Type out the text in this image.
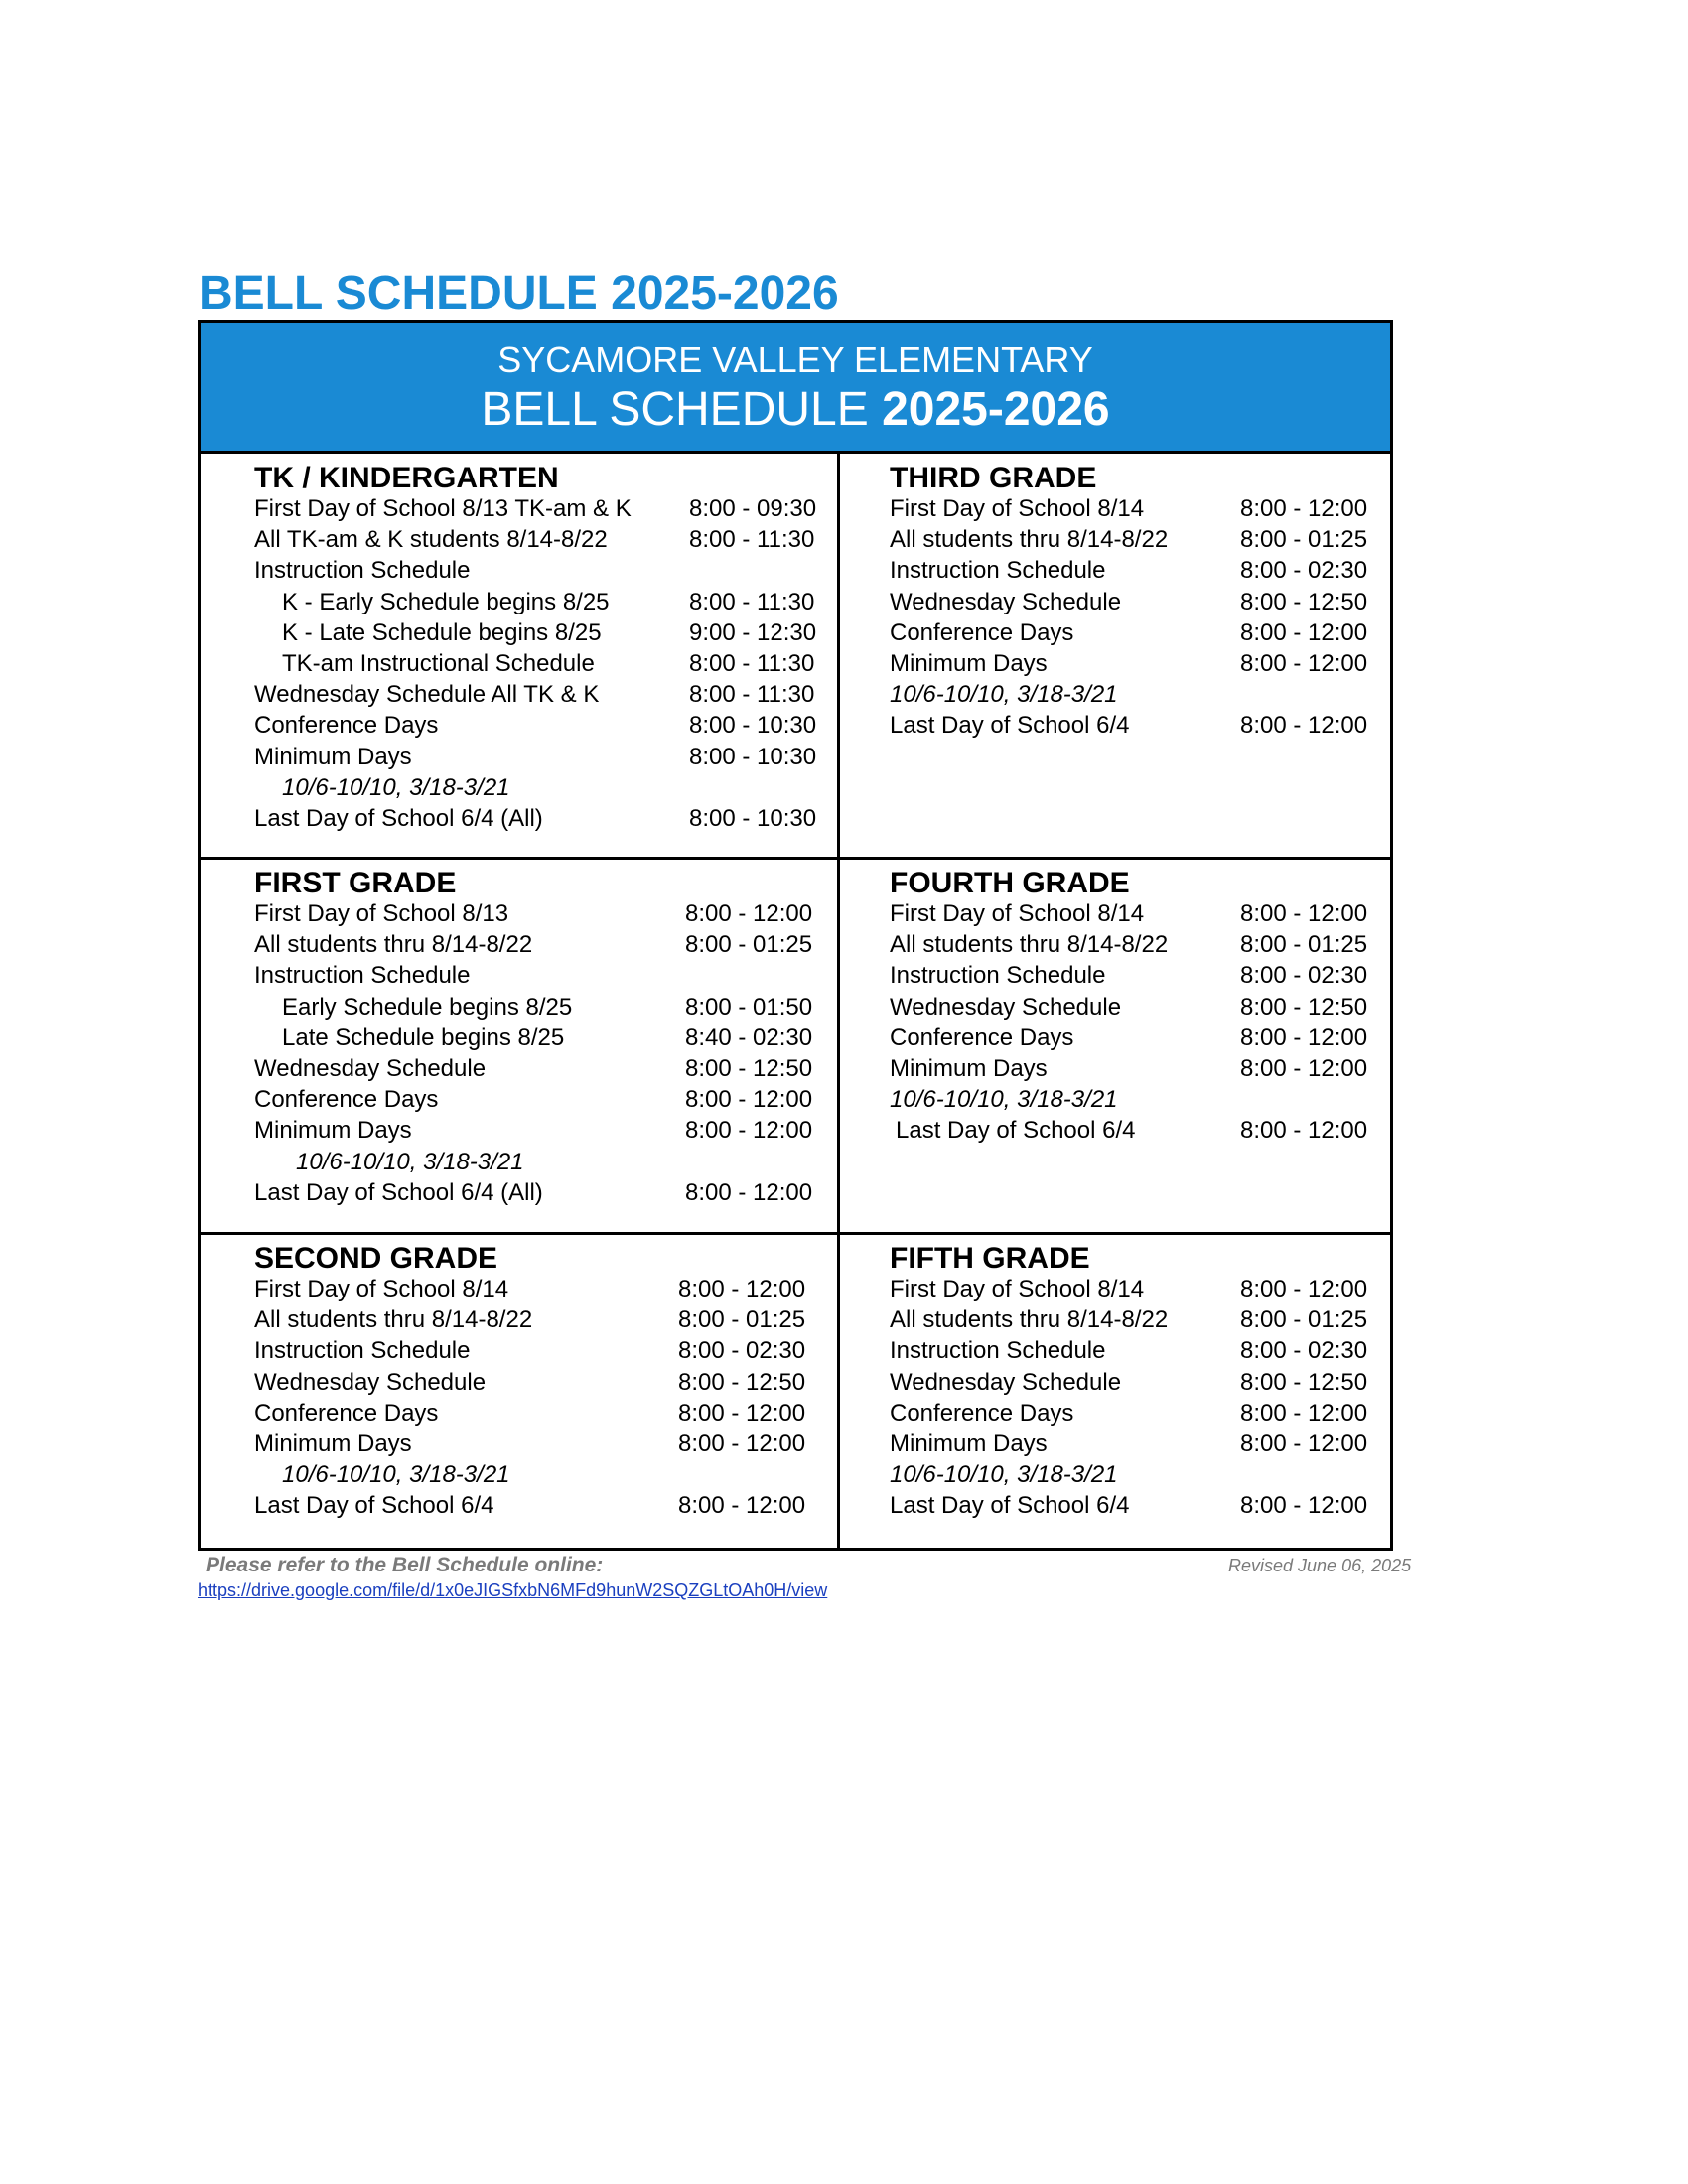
BELL SCHEDULE 2025-2026
SYCAMORE VALLEY ELEMENTARY
BELL SCHEDULE 2025-2026
TK / KINDERGARTEN
First Day of School 8/13 TK-am & K 8:00 - 09:30
All TK-am & K students 8/14-8/22	8:00 - 11:30
Instruction Schedule
K - Early Schedule begins 8/25	8:00 - 11:30
K - Late Schedule begins 8/25	9:00 - 12:30
TK-am Instructional Schedule	8:00 - 11:30
Wednesday Schedule All TK & K	8:00 - 11:30
Conference Days	8:00 - 10:30
Minimum Days	8:00 - 10:30
10/6-10/10, 3/18-3/21
Last Day of School 6/4 (All)	8:00 - 10:30
THIRD GRADE
First Day of School 8/14	8:00 - 12:00
All students thru 8/14-8/22	8:00 - 01:25
Instruction Schedule	8:00 - 02:30
Wednesday Schedule	8:00 - 12:50
Conference Days	8:00 - 12:00
Minimum Days	8:00 - 12:00
10/6-10/10, 3/18-3/21
Last Day of School 6/4	8:00 - 12:00
FIRST GRADE
First Day of School 8/13	8:00 - 12:00
All students thru 8/14-8/22	8:00 - 01:25
Instruction Schedule
Early Schedule begins 8/25	8:00 - 01:50
Late Schedule begins 8/25	8:40 - 02:30
Wednesday Schedule	8:00 - 12:50
Conference Days	8:00 - 12:00
Minimum Days	8:00 - 12:00
10/6-10/10, 3/18-3/21
Last Day of School 6/4 (All)	8:00 - 12:00
FOURTH GRADE
First Day of School 8/14	8:00 - 12:00
All students thru 8/14-8/22	8:00 - 01:25
Instruction Schedule	8:00 - 02:30
Wednesday Schedule	8:00 - 12:50
Conference Days	8:00 - 12:00
Minimum Days	8:00 - 12:00
10/6-10/10, 3/18-3/21
Last Day of School 6/4	8:00 - 12:00
SECOND GRADE
First Day of School 8/14	8:00 - 12:00
All students thru 8/14-8/22	8:00 - 01:25
Instruction Schedule	8:00 - 02:30
Wednesday Schedule	8:00 - 12:50
Conference Days	8:00 - 12:00
Minimum Days	8:00 - 12:00
10/6-10/10, 3/18-3/21
Last Day of School 6/4	8:00 - 12:00
FIFTH GRADE
First Day of School 8/14	8:00 - 12:00
All students thru 8/14-8/22	8:00 - 01:25
Instruction Schedule	8:00 - 02:30
Wednesday Schedule	8:00 - 12:50
Conference Days	8:00 - 12:00
Minimum Days	8:00 - 12:00
10/6-10/10, 3/18-3/21
Last Day of School 6/4	8:00 - 12:00
Please refer to the Bell Schedule online:
https://drive.google.com/file/d/1x0eJIGSfxbN6MFd9hunW2SQZGLtOAh0H/view
Revised June 06, 2025
